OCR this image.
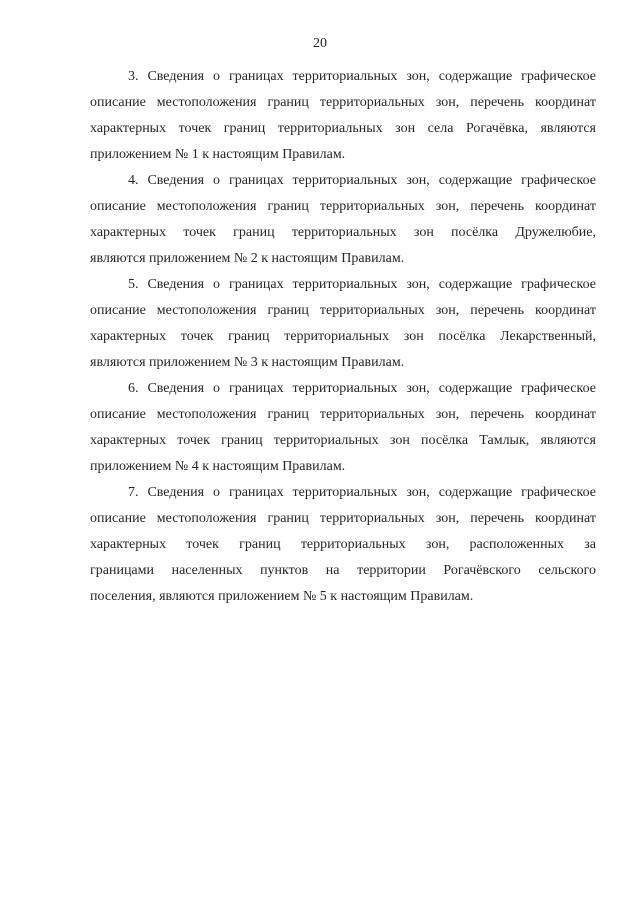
20

3. Сведения о границах территориальных зон, содержащие графическое
описание местоположения границ территориальных зон, перечень координат
характерных точек границ территориальных зон села Рогачёвка, являются
приложением № 1 к настоящим Правилам.

4. Сведения о границах территориальных зон, содержащие графическое
описание местоположения границ территориальных зон, перечень координат
характерных точек границ территориальных зон посёлка Дружелюбие,
являются приложением № 2 к настоящим Правилам.

5. Сведения о границах территориальных зон, содержащие графическое
описание местоположения границ территориальных зон, перечень координат
характерных точек границ территориальных зон посёлка Лекарственный,
являются приложением № 3 к настоящим Правилам.

6. Сведения о границах территориальных зон, содержащие графическое
описание местоположения границ территориальных зон, перечень координат
характерных точек границ территориальных зон посёлка Тамлык, являются
приложением № 4 к настоящим Правилам.

7. Сведения о границах территориальных зон, содержащие графическое
описание местоположения границ территориальных зон, перечень координат
характерных точек границ территориальных зон, расположенных за
границами населенных пунктов на территории Рогачёвского сельского
поселения, являются приложением № 5 к настоящим Правилам.
